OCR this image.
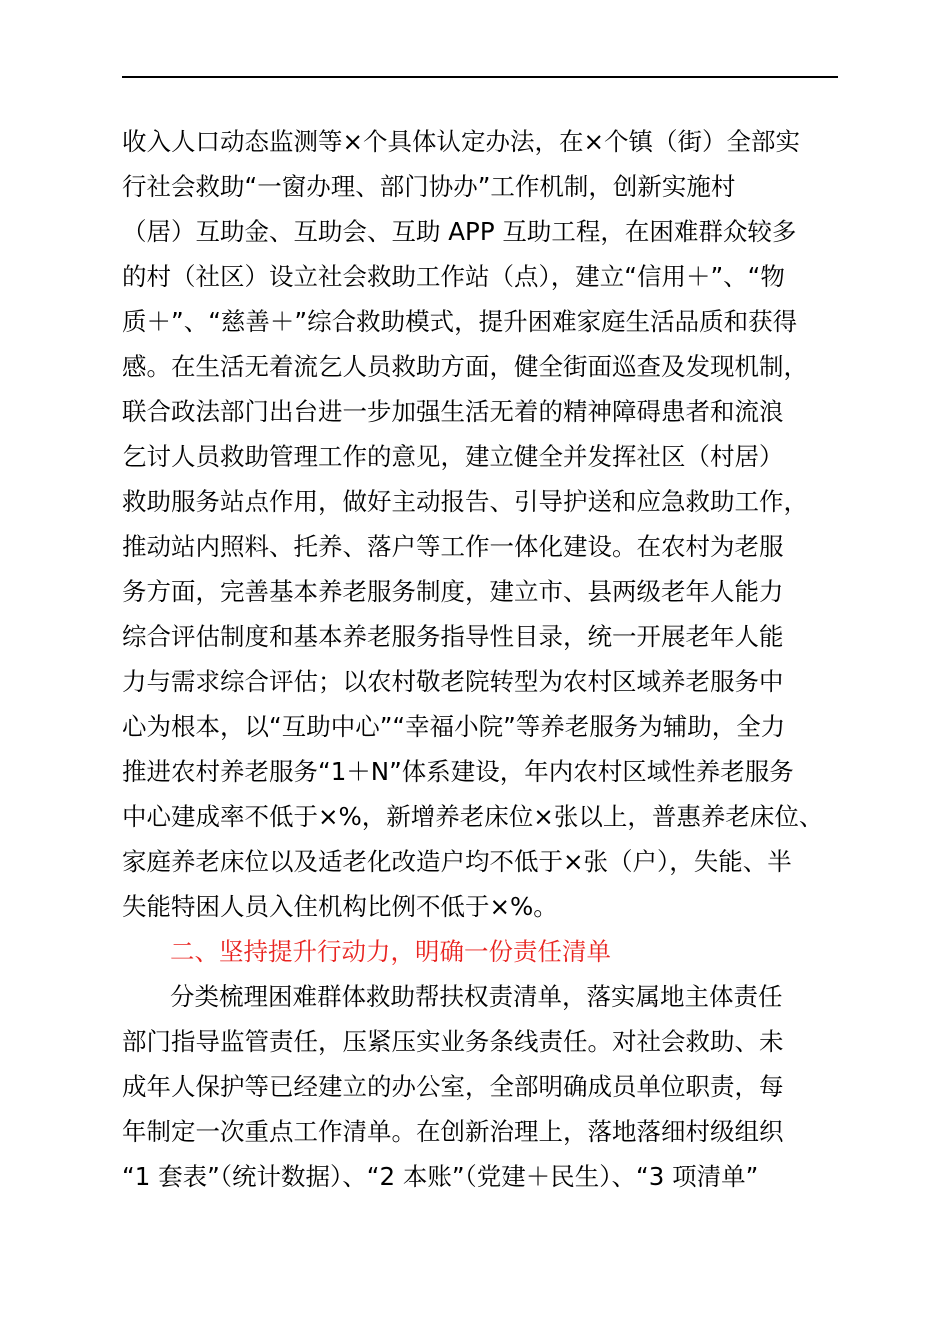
收入人口动态监测等×个具体认定办法，在×个镇（街）全部实
行社会救助“一窗办理、部门协办”工作机制，创新实施村
（居）互助金、互助会、互助 APP 互助工程，在困难群众较多
的村（社区）设立社会救助工作站（点），建立“信用＋”、“物
质＋”、“慈善＋”综合救助模式，提升困难家庭生活品质和获得
感。在生活无着流乞人员救助方面，健全街面巡查及发现机制，
联合政法部门出台进一步加强生活无着的精神障碍患者和流浪
乞讨人员救助管理工作的意见，建立健全并发挥社区（村居）
救助服务站点作用，做好主动报告、引导护送和应急救助工作，
推动站内照料、托养、落户等工作一体化建设。在农村为老服
务方面，完善基本养老服务制度，建立市、县两级老年人能力
综合评估制度和基本养老服务指导性目录，统一开展老年人能
力与需求综合评估；以农村敬老院转型为农村区域养老服务中
心为根本，以“互助中心”“幸福小院”等养老服务为辅助，全力
推进农村养老服务“1＋N”体系建设，年内农村区域性养老服务
中心建成率不低于×%，新增养老床位×张以上，普惠养老床位、
家庭养老床位以及适老化改造户均不低于×张（户），失能、半
失能特困人员入住机构比例不低于×%。
二、坚持提升行动力，明确一份责任清单
分类梳理困难群体救助帮扶权责清单，落实属地主体责任
部门指导监管责任，压紧压实业务条线责任。对社会救助、未
成年人保护等已经建立的办公室，全部明确成员单位职责，每
年制定一次重点工作清单。在创新治理上，落地落细村级组织
“1 套表”（统计数据）、“2 本账”（党建＋民生）、“3 项清单”
